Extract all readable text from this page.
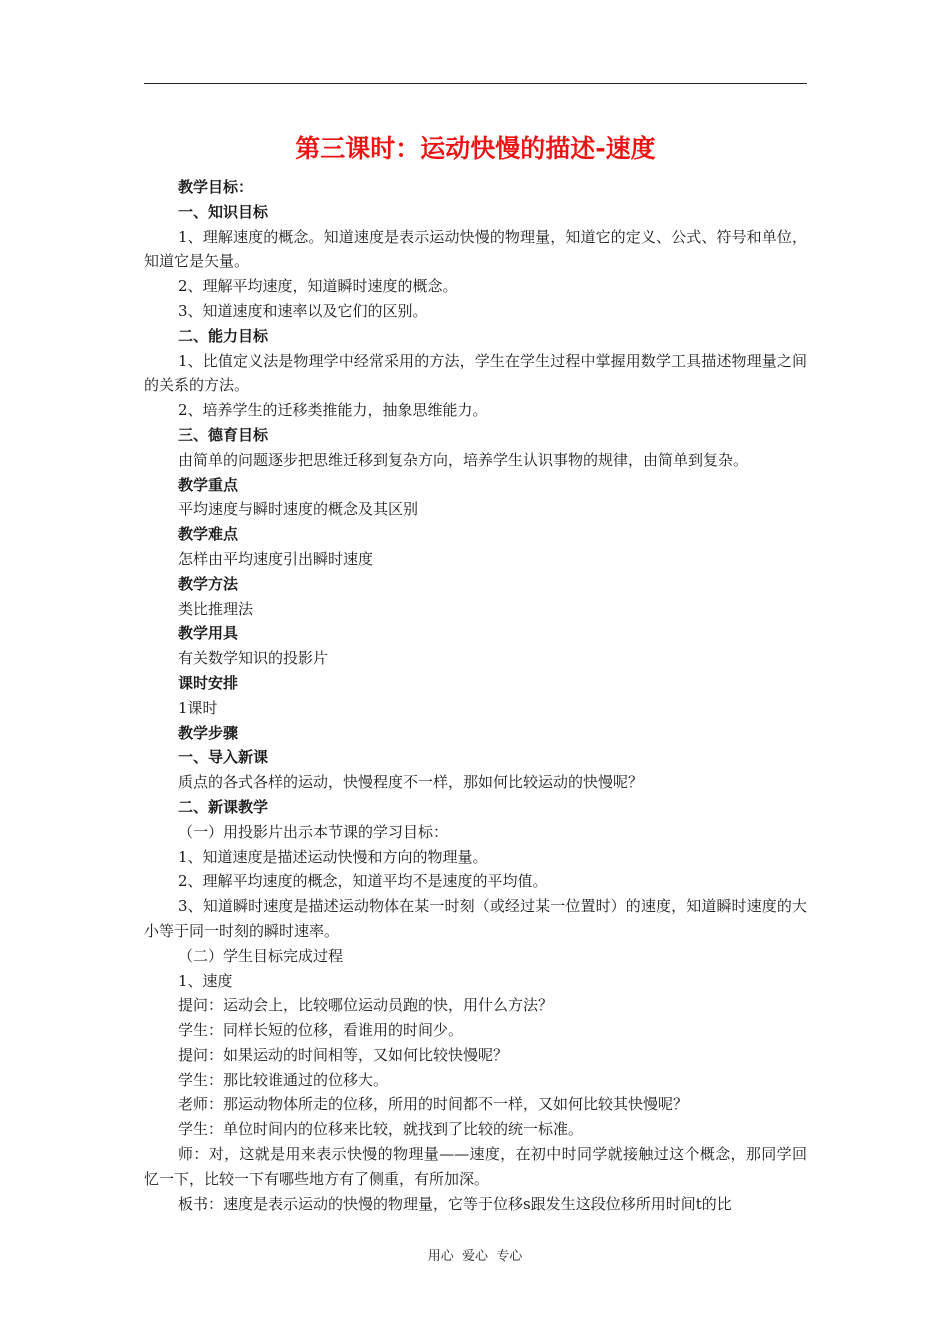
第三课时：运动快慢的描述-速度
教学目标：
一、知识目标
1、理解速度的概念。知道速度是表示运动快慢的物理量，知道它的定义、公式、符号和单位，知道它是矢量。
2、理解平均速度，知道瞬时速度的概念。
3、知道速度和速率以及它们的区别。
二、能力目标
1、比值定义法是物理学中经常采用的方法，学生在学生过程中掌握用数学工具描述物理量之间的关系的方法。
2、培养学生的迁移类推能力，抽象思维能力。
三、德育目标
由简单的问题逐步把思维迁移到复杂方向，培养学生认识事物的规律，由简单到复杂。
教学重点
平均速度与瞬时速度的概念及其区别
教学难点
怎样由平均速度引出瞬时速度
教学方法
类比推理法
教学用具
有关数学知识的投影片
课时安排
1课时
教学步骤
一、导入新课
质点的各式各样的运动，快慢程度不一样，那如何比较运动的快慢呢？
二、新课教学
（一）用投影片出示本节课的学习目标：
1、知道速度是描述运动快慢和方向的物理量。
2、理解平均速度的概念，知道平均不是速度的平均值。
3、知道瞬时速度是描述运动物体在某一时刻（或经过某一位置时）的速度，知道瞬时速度的大小等于同一时刻的瞬时速率。
（二）学生目标完成过程
1、速度
提问：运动会上，比较哪位运动员跑的快，用什么方法？
学生：同样长短的位移，看谁用的时间少。
提问：如果运动的时间相等，又如何比较快慢呢？
学生：那比较谁通过的位移大。
老师：那运动物体所走的位移，所用的时间都不一样，又如何比较其快慢呢？
学生：单位时间内的位移来比较，就找到了比较的统一标准。
师：对，这就是用来表示快慢的物理量——速度，在初中时同学就接触过这个概念，那同学回忆一下，比较一下有哪些地方有了侧重，有所加深。
板书：速度是表示运动的快慢的物理量，它等于位移s跟发生这段位移所用时间t的比
用心  爱心  专心
